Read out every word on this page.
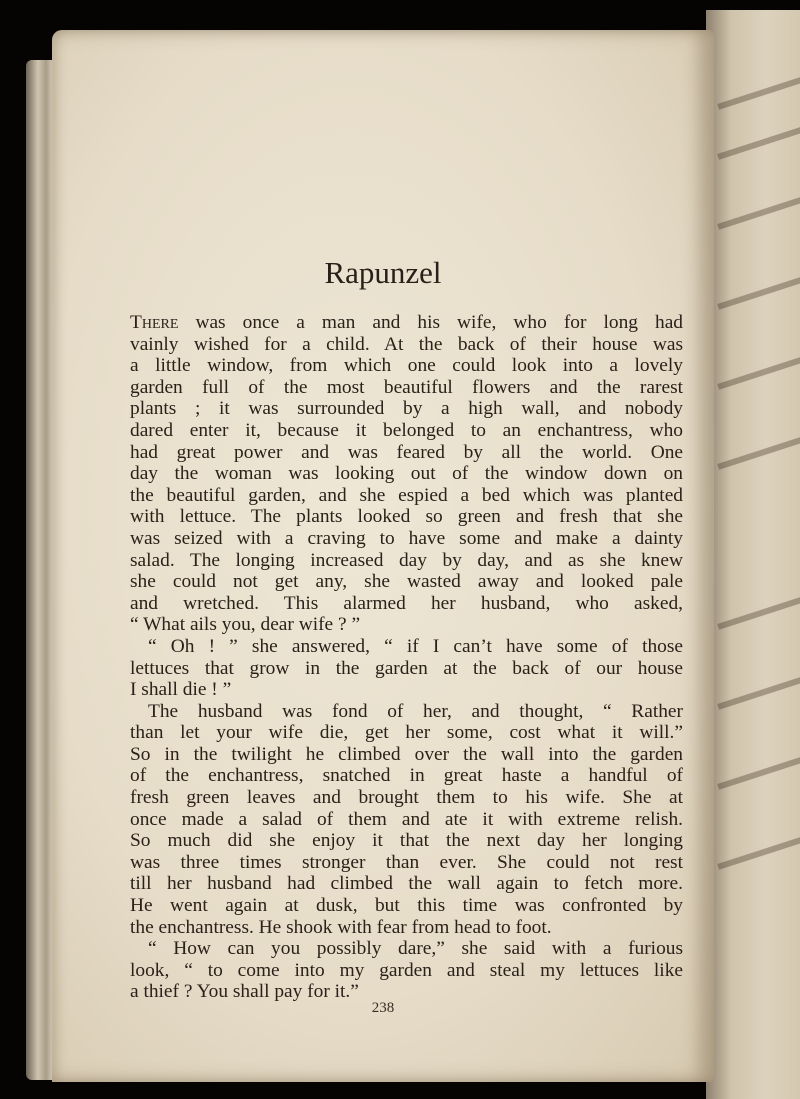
Rapunzel
There was once a man and his wife, who for long had
vainly wished for a child. At the back of their house was
a little window, from which one could look into a lovely
garden full of the most beautiful flowers and the rarest
plants ; it was surrounded by a high wall, and nobody
dared enter it, because it belonged to an enchantress, who
had great power and was feared by all the world. One
day the woman was looking out of the window down on
the beautiful garden, and she espied a bed which was planted
with lettuce. The plants looked so green and fresh that she
was seized with a craving to have some and make a dainty
salad. The longing increased day by day, and as she knew
she could not get any, she wasted away and looked pale
and wretched. This alarmed her husband, who asked,
“ What ails you, dear wife ? ”
“ Oh ! ” she answered, “ if I can’t have some of those
lettuces that grow in the garden at the back of our house
I shall die ! ”
The husband was fond of her, and thought, “ Rather
than let your wife die, get her some, cost what it will.”
So in the twilight he climbed over the wall into the garden
of the enchantress, snatched in great haste a handful of
fresh green leaves and brought them to his wife. She at
once made a salad of them and ate it with extreme relish.
So much did she enjoy it that the next day her longing
was three times stronger than ever. She could not rest
till her husband had climbed the wall again to fetch more.
He went again at dusk, but this time was confronted by
the enchantress. He shook with fear from head to foot.
“ How can you possibly dare,” she said with a furious
look, “ to come into my garden and steal my lettuces like
a thief ? You shall pay for it.”
238
